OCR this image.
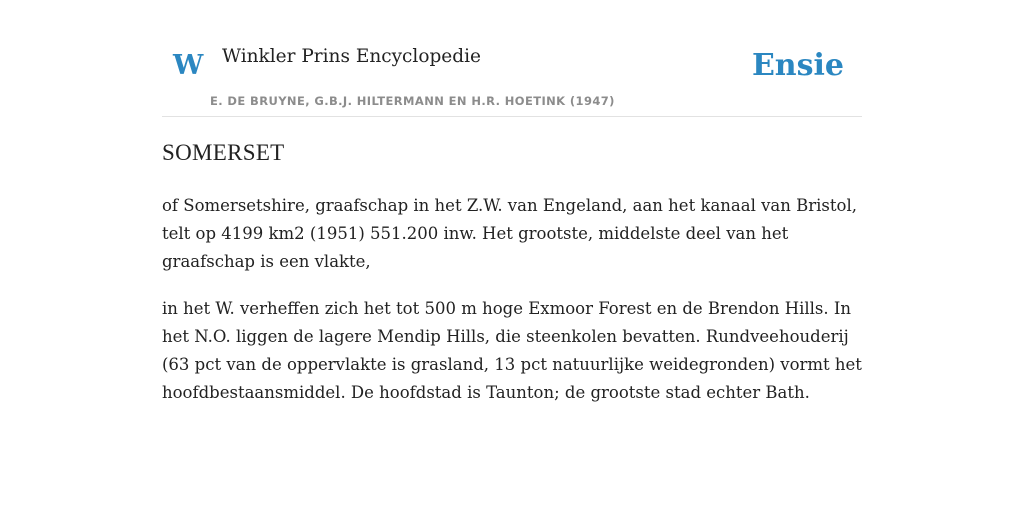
W Winkler Prins Encyclopedie
E. DE BRUYNE, G.B.J. HILTERMANN EN H.R. HOETINK (1947)
Ensie
SOMERSET

of Somersetshire, graafschap in het Z.W. van Engeland, aan het kanaal van Bristol, telt op 4199 km2 (1951) 551.200 inw. Het grootste, middelste deel van het graafschap is een vlakte,

in het W. verheffen zich het tot 500 m hoge Exmoor Forest en de Brendon Hills. In het N.O. liggen de lagere Mendip Hills, die steenkolen bevatten. Rundveehouderij (63 pct van de oppervlakte is grasland, 13 pct natuurlijke weidegronden) vormt het hoofdbestaansmiddel. De hoofdstad is Taunton; de grootste stad echter Bath.
